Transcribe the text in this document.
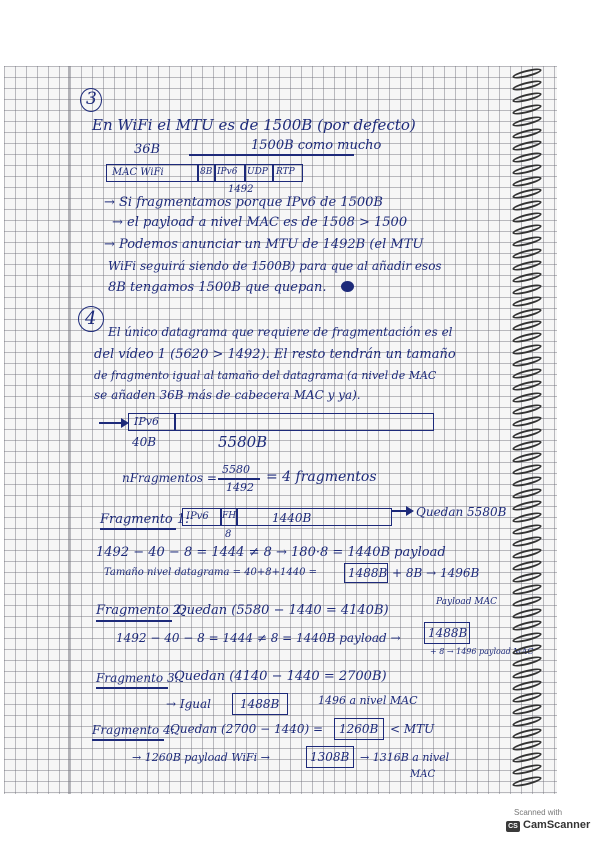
3
En WiFi el MTU es de 1500B (por defecto)
36B	1500B como mucho
MAC WiFi	8B IPv6 UDP RTP
1492
→ Si fragmentamos porque IPv6 de 1500B
→ el payload a nivel MAC es de 1508 > 1500
→ Podemos anunciar un MTU de 1492B (el MTU
WiFi seguirá siendo de 1500B) para que al añadir esos
8B tengamos 1500B que quepan.
4
El único datagrama que requiere de fragmentación es el
del vídeo 1 (5620 > 1492). El resto tendrán un tamaño
de fragmento igual al tamaño del datagrama (a nivel de MAC
se añaden 36B más de cabecera MAC y ya).
IPv6
40B	5580B
nFragmentos =
5580
1492
= 4 fragmentos
Fragmento 1:
IPv6 FH	1440B
8
Quedan 5580B
1492 − 40 − 8 = 1444 ≠ 8 → 180·8 = 1440B payload
Tamaño nivel datagrama = 40+8+1440 =	1488B + 8B → 1496B
Payload MAC
Fragmento 2:
Quedan (5580 − 1440 = 4140B)
1492 − 40 − 8 = 1444 ≠ 8 = 1440B payload → 1488B
+ 8 → 1496 payload MAC
Fragmento 3:
Quedan (4140 − 1440 = 2700B)
→ Igual 1488B	1496 a nivel MAC
Fragmento 4:
Quedan (2700 − 1440) = 1260B < MTU
→ 1260B payload WiFi →	1308B → 1316B a nivel
MAC
Scanned with
CS CamScanner
